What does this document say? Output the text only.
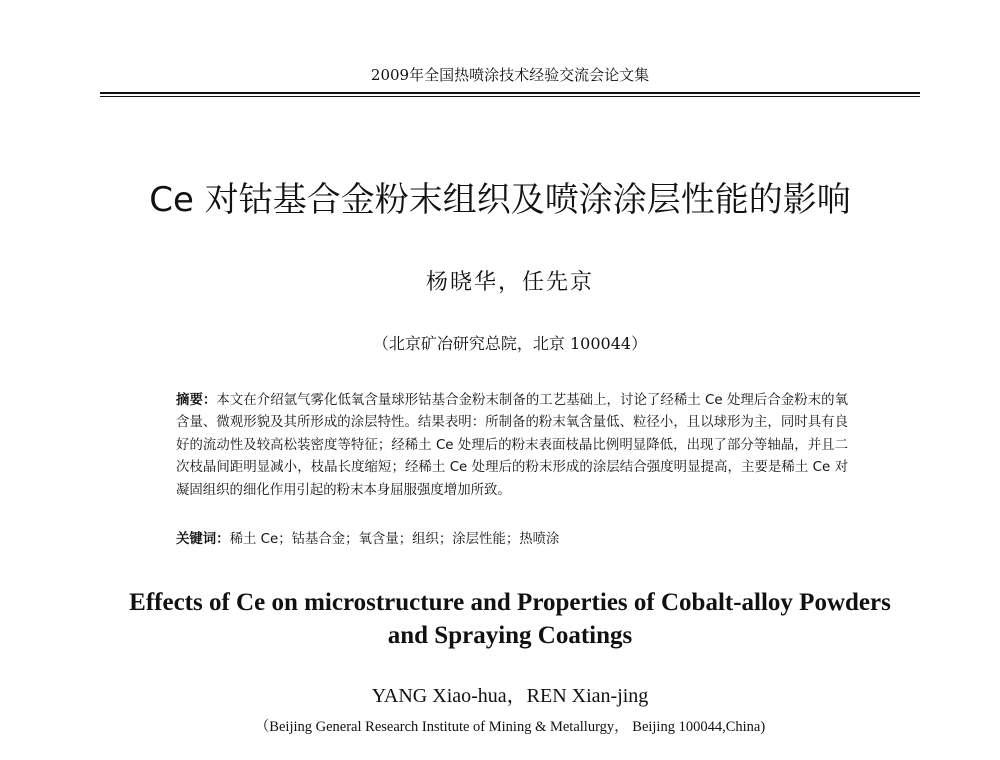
2009年全国热喷涂技术经验交流会论文集
Ce 对钴基合金粉末组织及喷涂涂层性能的影响
杨晓华，任先京
（北京矿冶研究总院，北京 100044）
摘要：本文在介绍氩气雾化低氧含量球形钴基合金粉末制备的工艺基础上，讨论了经稀土 Ce 处理后合金粉末的氧含量、微观形貌及其所形成的涂层特性。结果表明：所制备的粉末氧含量低、粒径小，且以球形为主，同时具有良好的流动性及较高松装密度等特征；经稀土 Ce 处理后的粉末表面枝晶比例明显降低，出现了部分等轴晶，并且二次枝晶间距明显减小，枝晶长度缩短；经稀土 Ce 处理后的粉末形成的涂层结合强度明显提高，主要是稀土 Ce 对凝固组织的细化作用引起的粉末本身屈服强度增加所致。
关键词：稀土 Ce；钴基合金；氧含量；组织；涂层性能；热喷涂
Effects of Ce on microstructure and Properties of Cobalt-alloy Powders
and Spraying Coatings
YANG Xiao-hua，REN Xian-jing
（Beijing General Research Institute of Mining & Metallurgy， Beijing 100044,China)
